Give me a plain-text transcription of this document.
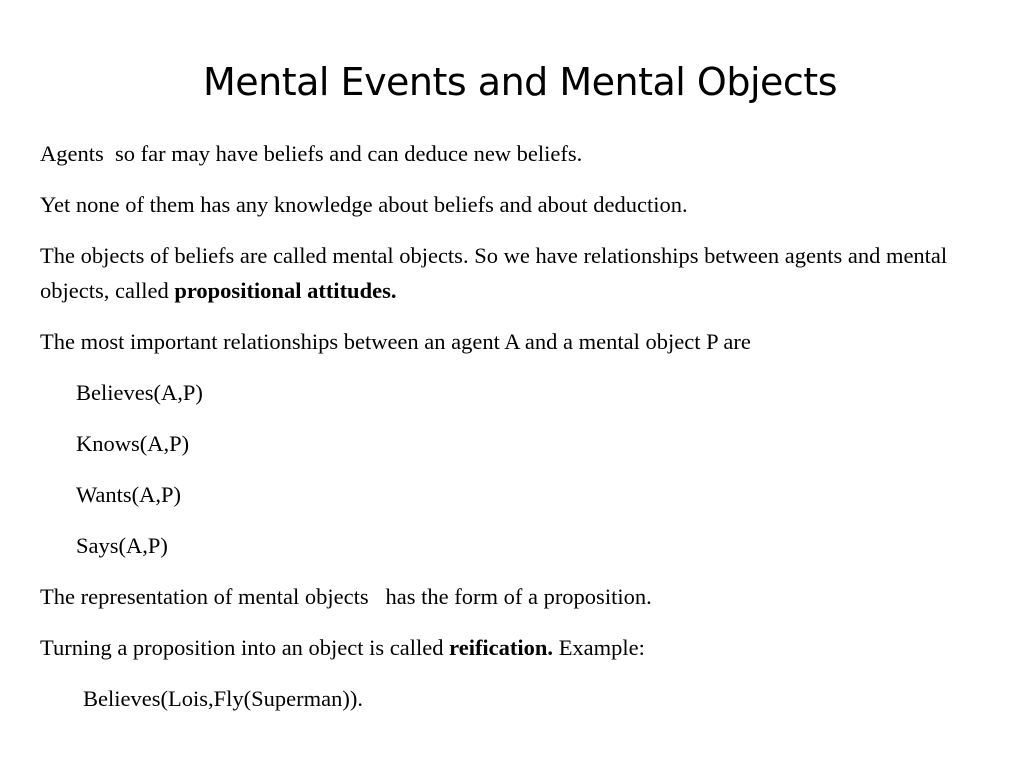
Mental Events and Mental Objects

Agents  so far may have beliefs and can deduce new beliefs.

Yet none of them has any knowledge about beliefs and about deduction.

The objects of beliefs are called mental objects. So we have relationships between agents and mental objects, called propositional attitudes.

The most important relationships between an agent A and a mental object P are

Believes(A,P)

Knows(A,P)

Wants(A,P)

Says(A,P)

The representation of mental objects   has the form of a proposition.

Turning a proposition into an object is called reification. Example:

Believes(Lois,Fly(Superman)).
